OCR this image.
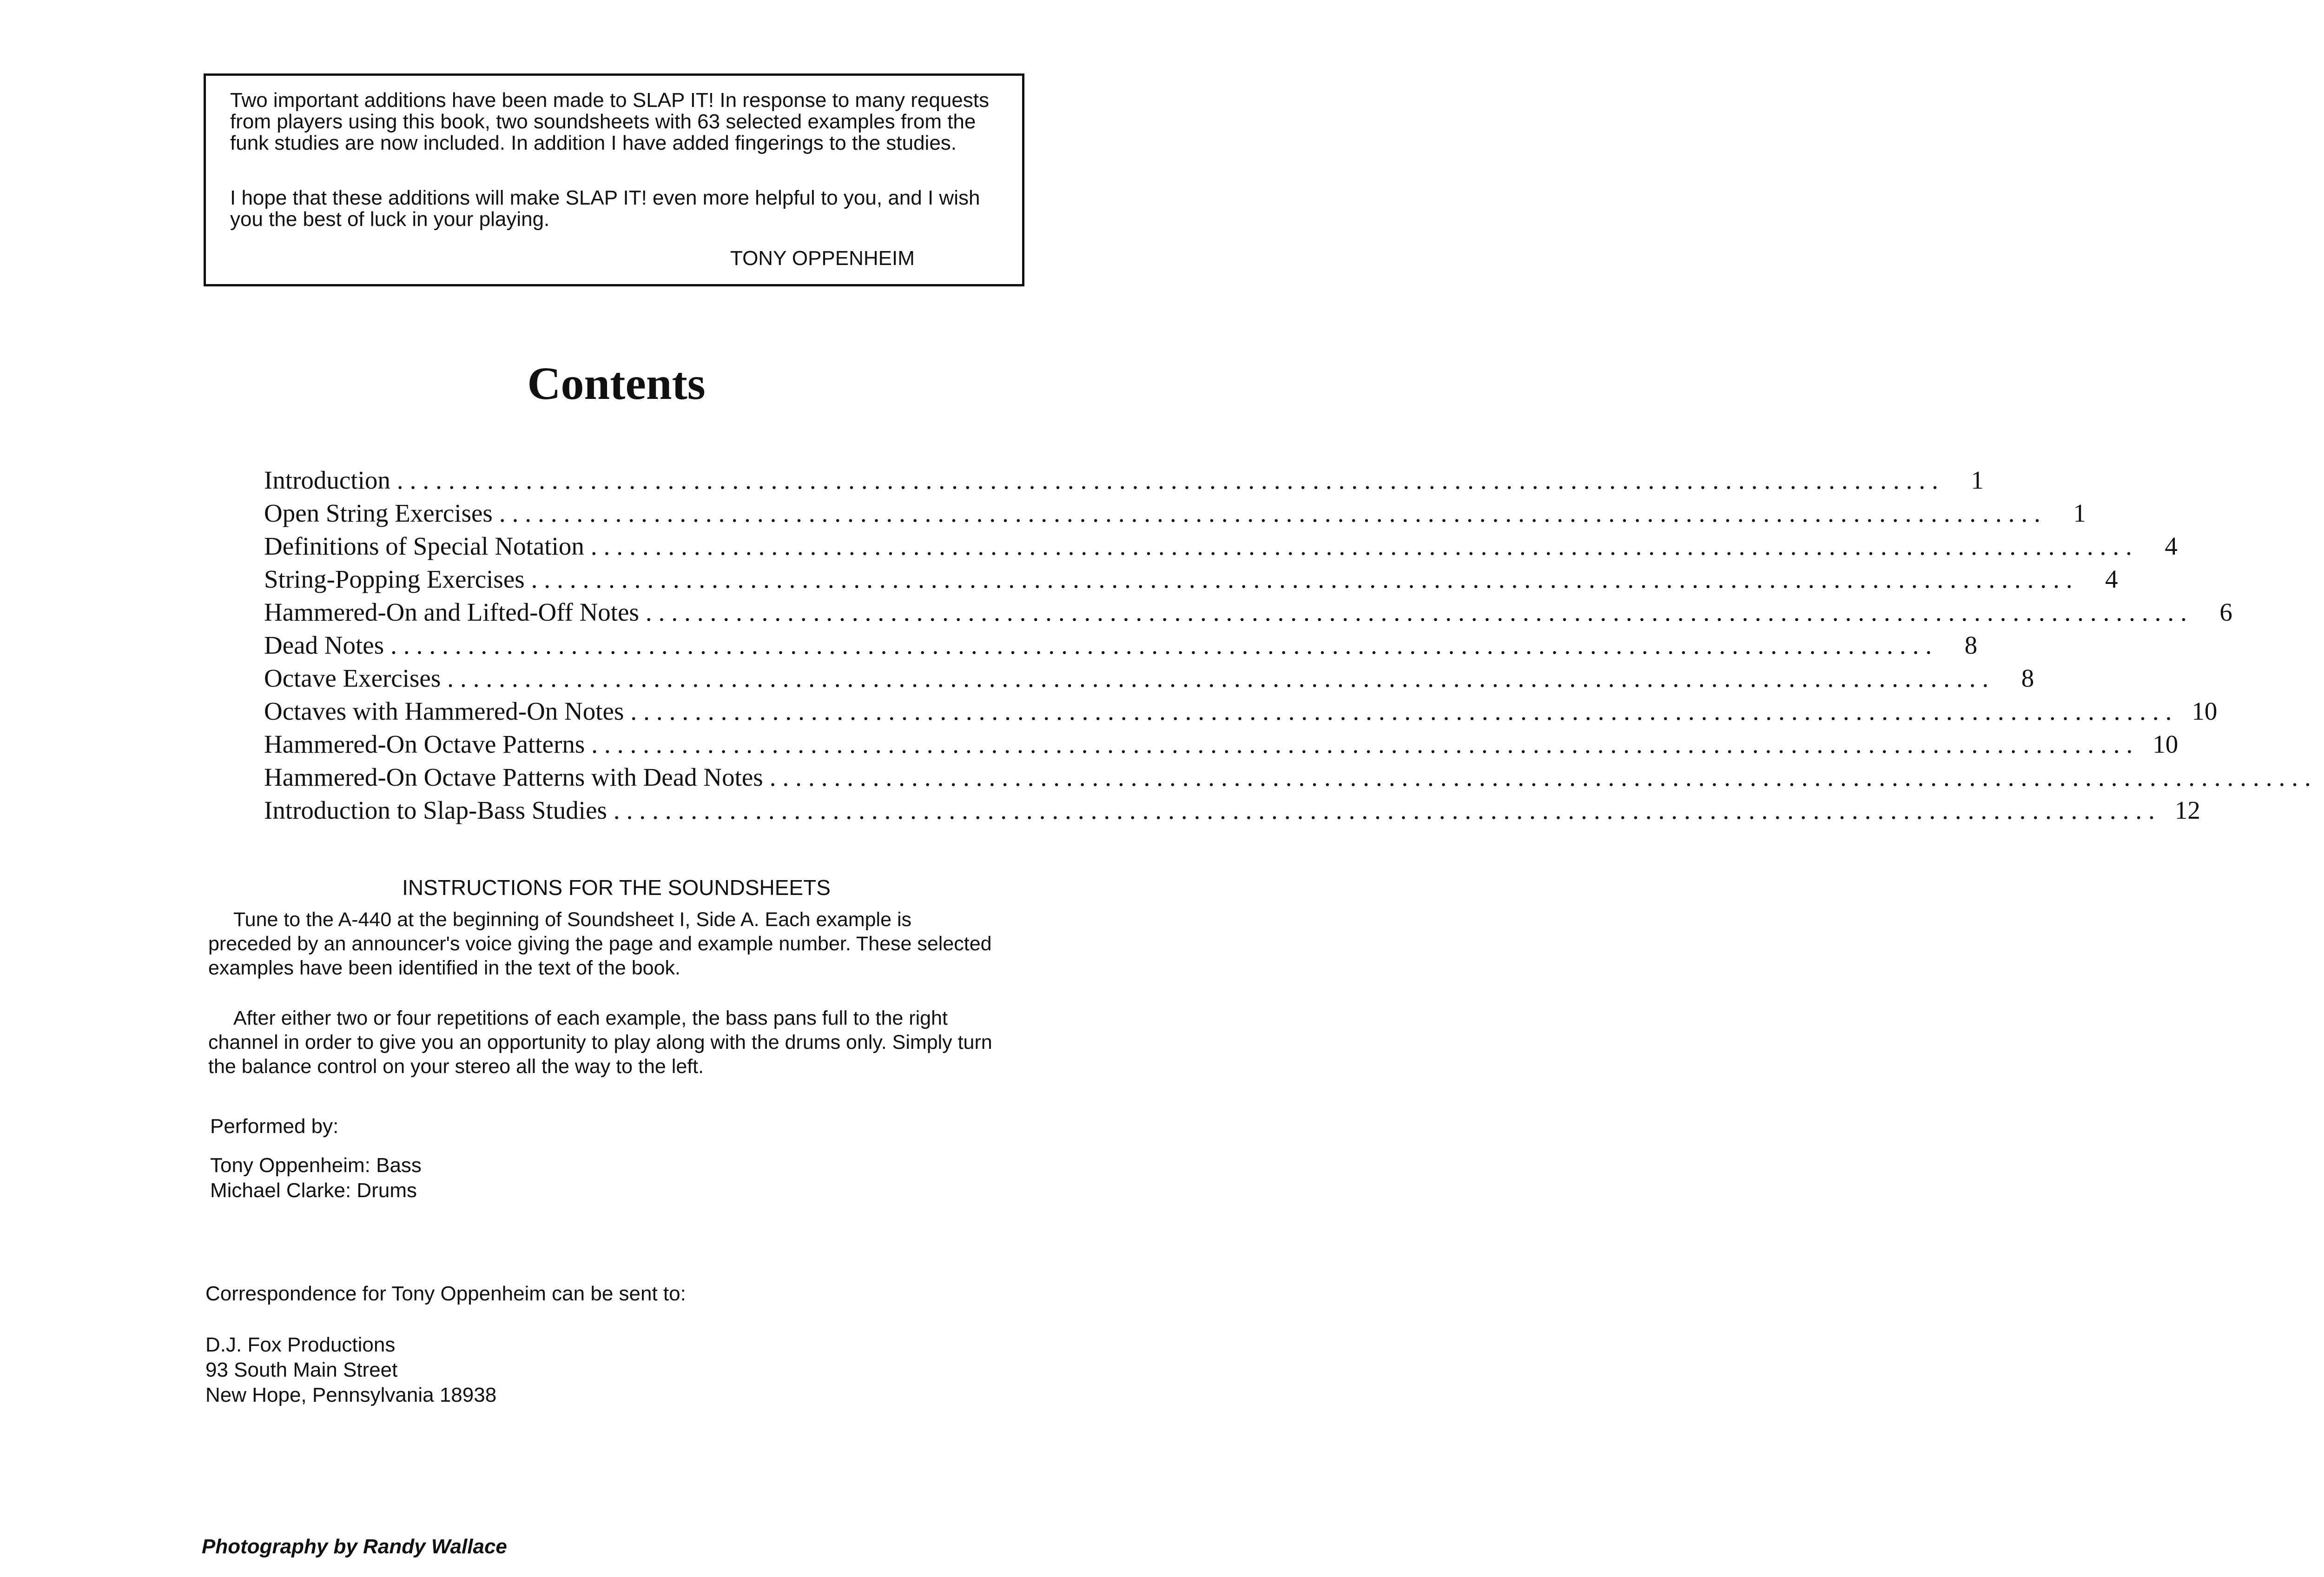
Two important additions have been made to SLAP IT! In response to many requests from players using this book, two soundsheets with 63 selected examples from the funk studies are now included. In addition I have added fingerings to the studies.

I hope that these additions will make SLAP IT! even more helpful to you, and I wish you the best of luck in your playing.

TONY OPPENHEIM

Contents
Introduction ........................................................................................................................	1
Open String Exercises ........................................................................................................................	1
Definitions of Special Notation ........................................................................................................................	4
String-Popping Exercises ........................................................................................................................	4
Hammered-On and Lifted-Off Notes ........................................................................................................................	6
Dead Notes ........................................................................................................................	8
Octave Exercises ........................................................................................................................	8
Octaves with Hammered-On Notes ........................................................................................................................ 10
Hammered-On Octave Patterns ........................................................................................................................ 10
Hammered-On Octave Patterns with Dead Notes ........................................................................................................................
Introduction to Slap-Bass Studies ........................................................................................................................ 12
INSTRUCTIONS FOR THE SOUNDSHEETS

Tune to the A-440 at the beginning of Soundsheet I, Side A. Each example is preceded by an announcer's voice giving the page and example number. These selected examples have been identified in the text of the book.

After either two or four repetitions of each example, the bass pans full to the right channel in order to give you an opportunity to play along with the drums only. Simply turn the balance control on your stereo all the way to the left.

Performed by:

Tony Oppenheim: Bass

Michael Clarke: Drums

Correspondence for Tony Oppenheim can be sent to:

D.J. Fox Productions

93 South Main Street

New Hope, Pennsylvania 18938

Photography by Randy Wallace
